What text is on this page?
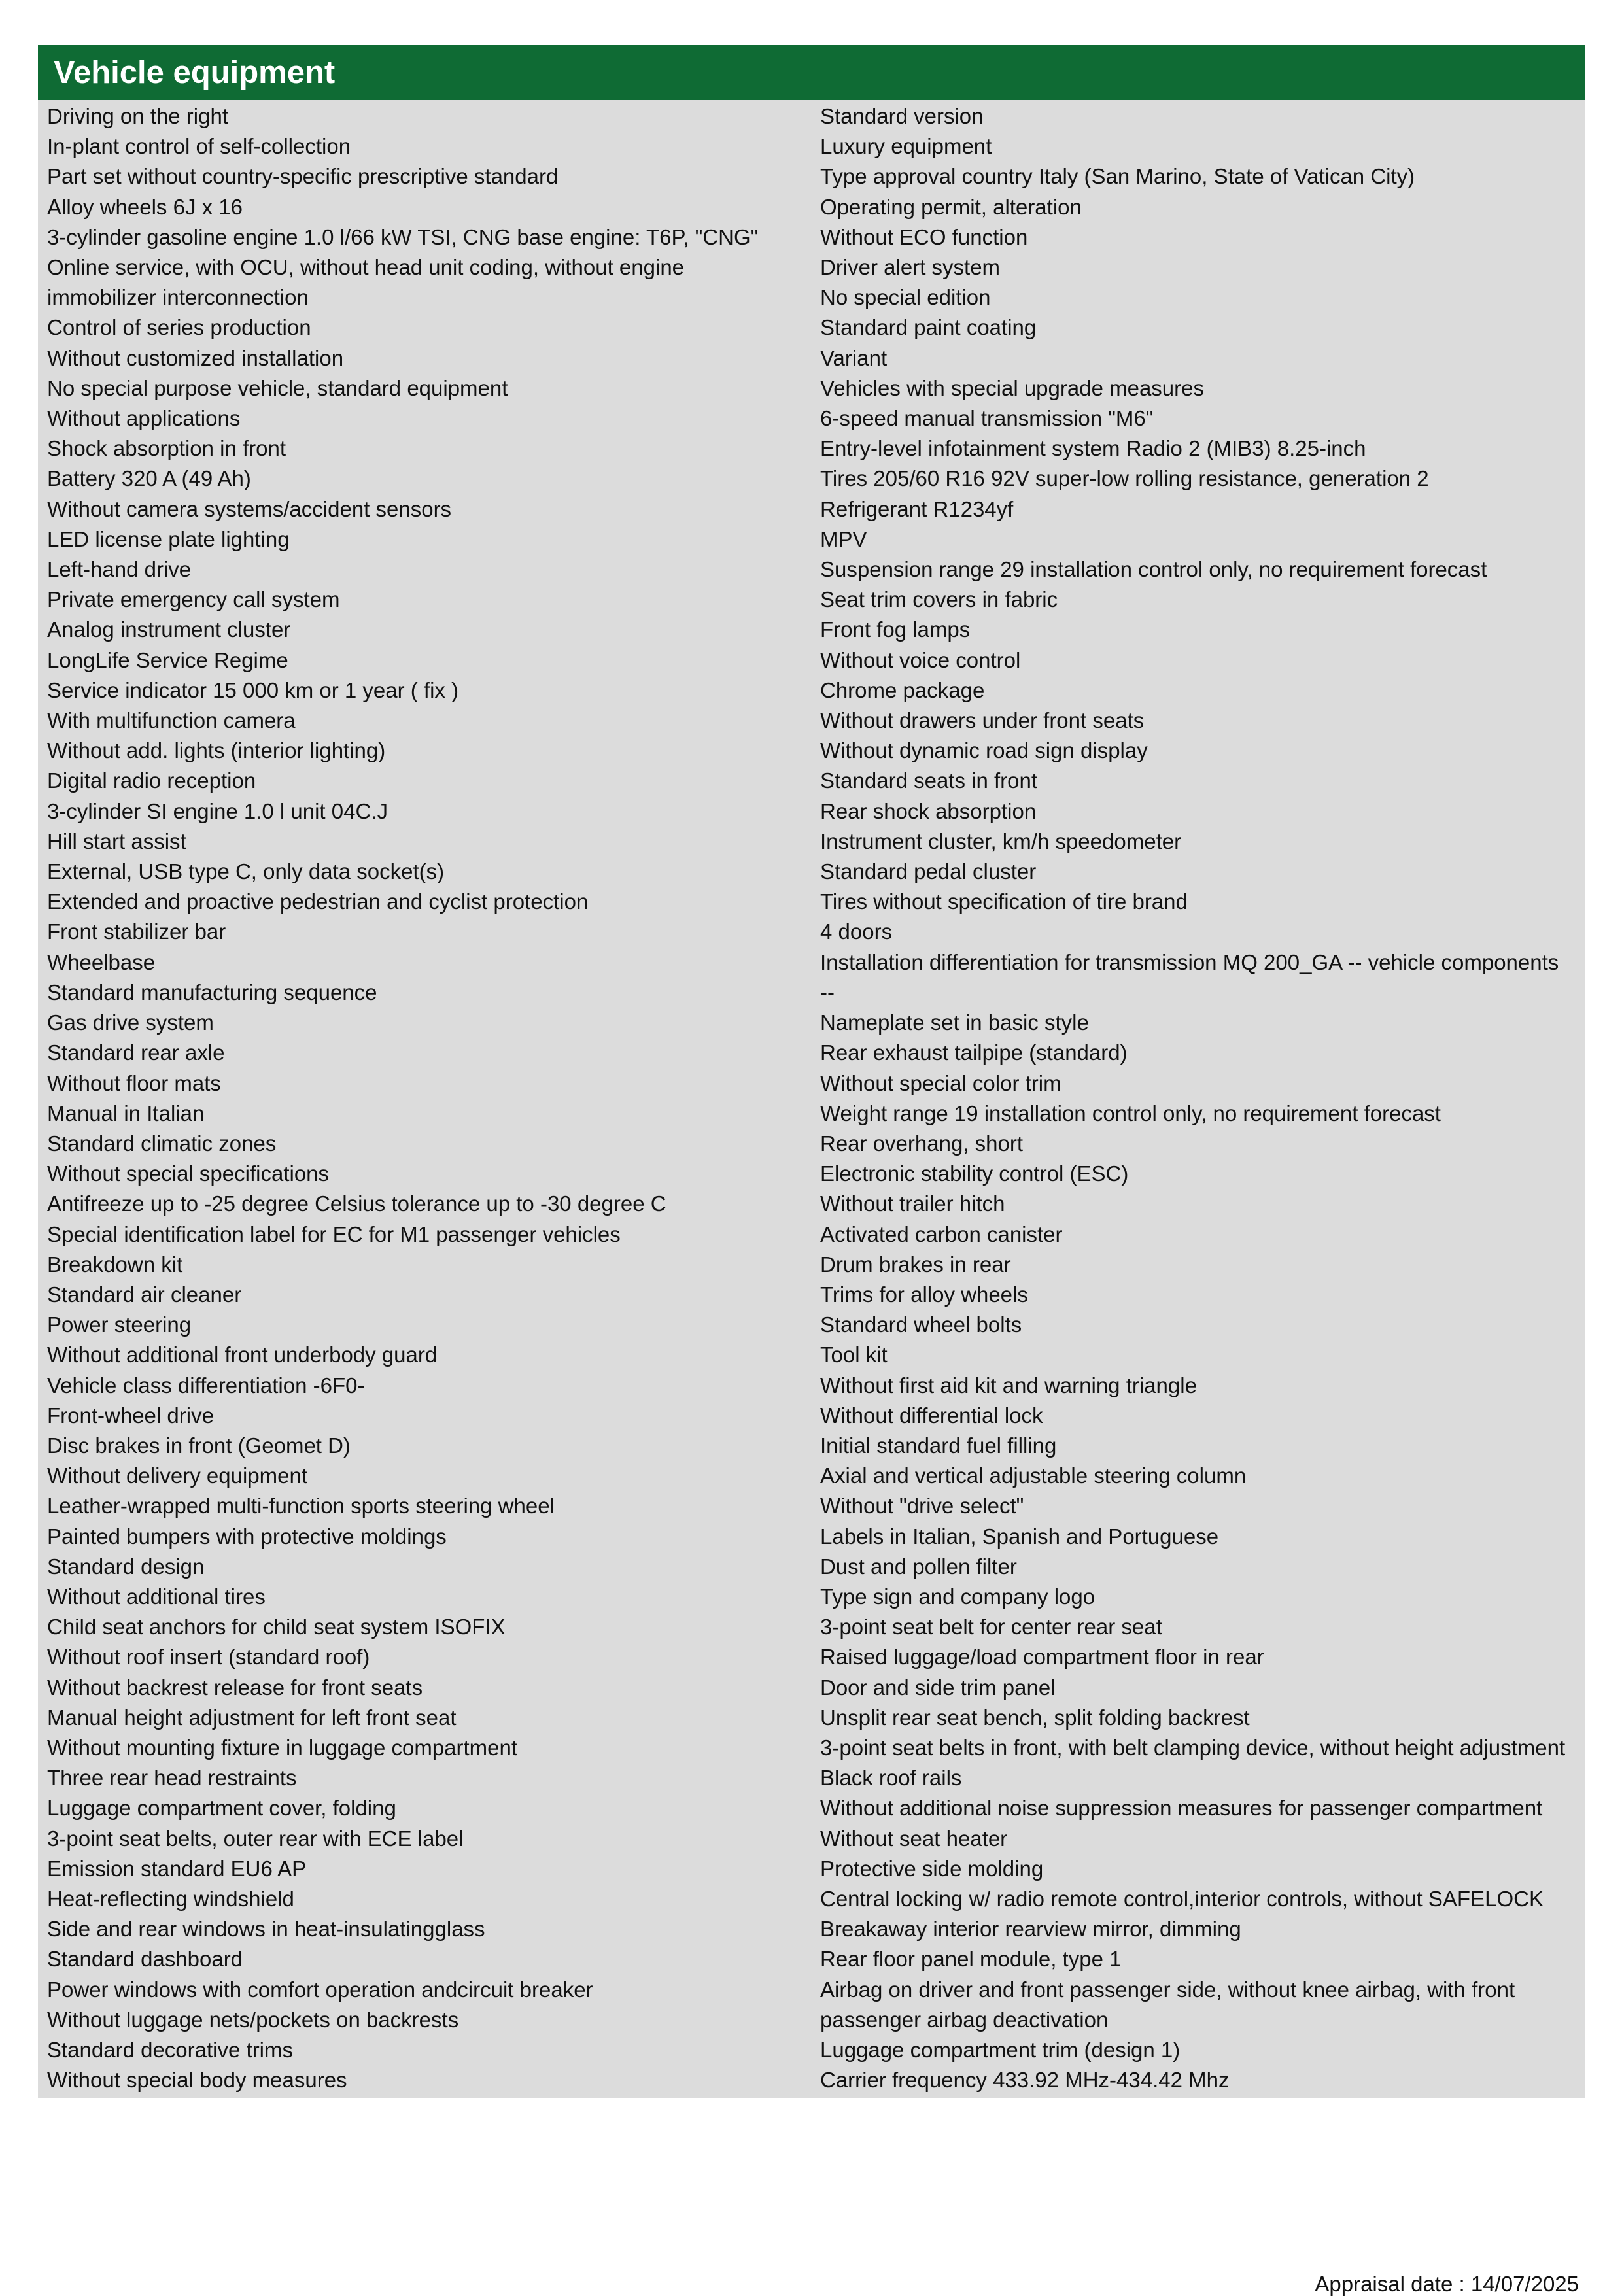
Vehicle equipment
Driving on the right
In-plant control of self-collection
Part set without country-specific prescriptive standard
Alloy wheels 6J x 16
3-cylinder gasoline engine 1.0 l/66 kW TSI, CNG base engine: T6P, "CNG"
Online service, with OCU, without head unit coding, without engine
immobilizer interconnection
Control of series production
Without customized installation
No special purpose vehicle, standard equipment
Without applications
Shock absorption in front
Battery 320 A (49 Ah)
Without camera systems/accident sensors
LED license plate lighting
Left-hand drive
Private emergency call system
Analog instrument cluster
LongLife Service Regime
Service indicator 15 000 km or 1 year ( fix )
With multifunction camera
Without add. lights (interior lighting)
Digital radio reception
3-cylinder SI engine 1.0 l unit 04C.J
Hill start assist
External, USB type C, only data socket(s)
Extended and proactive pedestrian and cyclist protection
Front stabilizer bar
Wheelbase
Standard manufacturing sequence
Gas drive system
Standard rear axle
Without floor mats
Manual in Italian
Standard climatic zones
Without special specifications
Antifreeze up to -25 degree Celsius tolerance up to -30 degree C
Special identification label for EC for M1 passenger vehicles
Breakdown kit
Standard air cleaner
Power steering
Without additional front underbody guard
Vehicle class differentiation -6F0-
Front-wheel drive
Disc brakes in front (Geomet D)
Without delivery equipment
Leather-wrapped multi-function sports steering wheel
Painted bumpers with protective moldings
Standard design
Without additional tires
Child seat anchors for child seat system ISOFIX
Without roof insert (standard roof)
Without backrest release for front seats
Manual height adjustment for left front seat
Without mounting fixture in luggage compartment
Three rear head restraints
Luggage compartment cover, folding
3-point seat belts, outer rear with ECE label
Emission standard EU6 AP
Heat-reflecting windshield
Side and rear windows in heat-insulatingglass
Standard dashboard
Power windows with comfort operation andcircuit breaker
Without luggage nets/pockets on backrests
Standard decorative trims
Without special body measures
Standard version
Luxury equipment
Type approval country Italy (San Marino, State of Vatican City)
Operating permit, alteration
Without ECO function
Driver alert system
No special edition
Standard paint coating
Variant
Vehicles with special upgrade measures
6-speed manual transmission "M6"
Entry-level infotainment system Radio 2 (MIB3) 8.25-inch
Tires 205/60 R16 92V super-low rolling resistance, generation 2
Refrigerant R1234yf
MPV
Suspension range 29 installation control only, no requirement forecast
Seat trim covers in fabric
Front fog lamps
Without voice control
Chrome package
Without drawers under front seats
Without dynamic road sign display
Standard seats in front
Rear shock absorption
Instrument cluster, km/h speedometer
Standard pedal cluster
Tires without specification of tire brand
4 doors
Installation differentiation for transmission MQ 200_GA -- vehicle components
--
Nameplate set in basic style
Rear exhaust tailpipe (standard)
Without special color trim
Weight range 19 installation control only, no requirement forecast
Rear overhang, short
Electronic stability control (ESC)
Without trailer hitch
Activated carbon canister
Drum brakes in rear
Trims for alloy wheels
Standard wheel bolts
Tool kit
Without first aid kit and warning triangle
Without differential lock
Initial standard fuel filling
Axial and vertical adjustable steering column
Without "drive select"
Labels in Italian, Spanish and Portuguese
Dust and pollen filter
Type sign and company logo
3-point seat belt for center rear seat
Raised luggage/load compartment floor in rear
Door and side trim panel
Unsplit rear seat bench, split folding backrest
3-point seat belts in front, with belt clamping device, without height adjustment
Black roof rails
Without additional noise suppression measures for passenger compartment
Without seat heater
Protective side molding
Central locking w/ radio remote control,interior controls, without SAFELOCK
Breakaway interior rearview mirror, dimming
Rear floor panel module, type 1
Airbag on driver and front passenger side, without knee airbag, with front
passenger airbag deactivation
Luggage compartment trim (design 1)
Carrier frequency 433.92 MHz-434.42 Mhz
Appraisal date : 14/07/2025
